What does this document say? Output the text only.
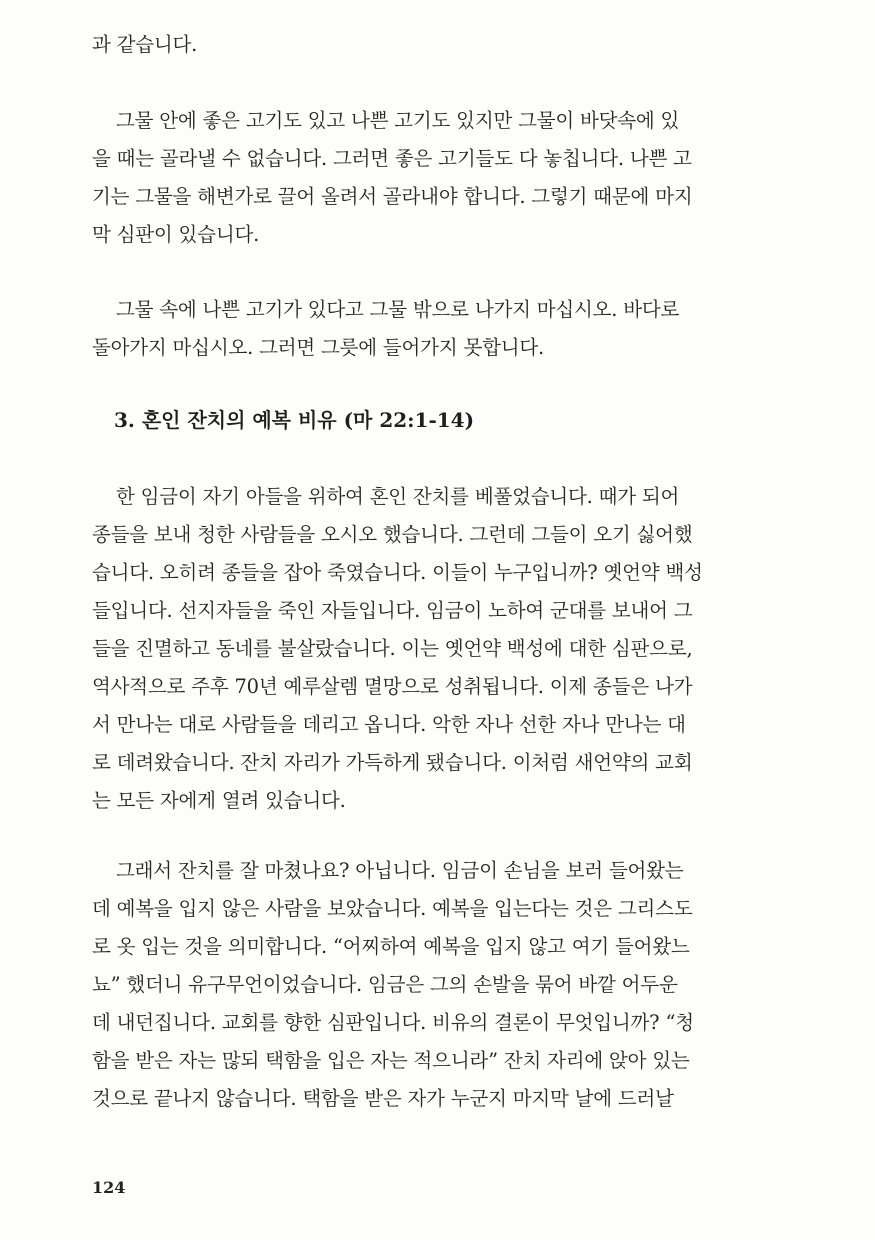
과 같습니다.

그물 안에 좋은 고기도 있고 나쁜 고기도 있지만 그물이 바닷속에 있
을 때는 골라낼 수 없습니다. 그러면 좋은 고기들도 다 놓칩니다. 나쁜 고
기는 그물을 해변가로 끌어 올려서 골라내야 합니다. 그렇기 때문에 마지
막 심판이 있습니다.

그물 속에 나쁜 고기가 있다고 그물 밖으로 나가지 마십시오. 바다로
돌아가지 마십시오. 그러면 그릇에 들어가지 못합니다.

3. 혼인 잔치의 예복 비유 (마 22:1-14)

한 임금이 자기 아들을 위하여 혼인 잔치를 베풀었습니다. 때가 되어
종들을 보내 청한 사람들을 오시오 했습니다. 그런데 그들이 오기 싫어했
습니다. 오히려 종들을 잡아 죽였습니다. 이들이 누구입니까? 옛언약 백성
들입니다. 선지자들을 죽인 자들입니다. 임금이 노하여 군대를 보내어 그
들을 진멸하고 동네를 불살랐습니다. 이는 옛언약 백성에 대한 심판으로,
역사적으로 주후 70년 예루살렘 멸망으로 성취됩니다. 이제 종들은 나가
서 만나는 대로 사람들을 데리고 옵니다. 악한 자나 선한 자나 만나는 대
로 데려왔습니다. 잔치 자리가 가득하게 됐습니다. 이처럼 새언약의 교회
는 모든 자에게 열려 있습니다.

그래서 잔치를 잘 마쳤나요? 아닙니다. 임금이 손님을 보러 들어왔는
데 예복을 입지 않은 사람을 보았습니다. 예복을 입는다는 것은 그리스도
로 옷 입는 것을 의미합니다. “어찌하여 예복을 입지 않고 여기 들어왔느
뇨” 했더니 유구무언이었습니다. 임금은 그의 손발을 묶어 바깥 어두운
데 내던집니다. 교회를 향한 심판입니다. 비유의 결론이 무엇입니까? “청
함을 받은 자는 많되 택함을 입은 자는 적으니라” 잔치 자리에 앉아 있는
것으로 끝나지 않습니다. 택함을 받은 자가 누군지 마지막 날에 드러날

124
